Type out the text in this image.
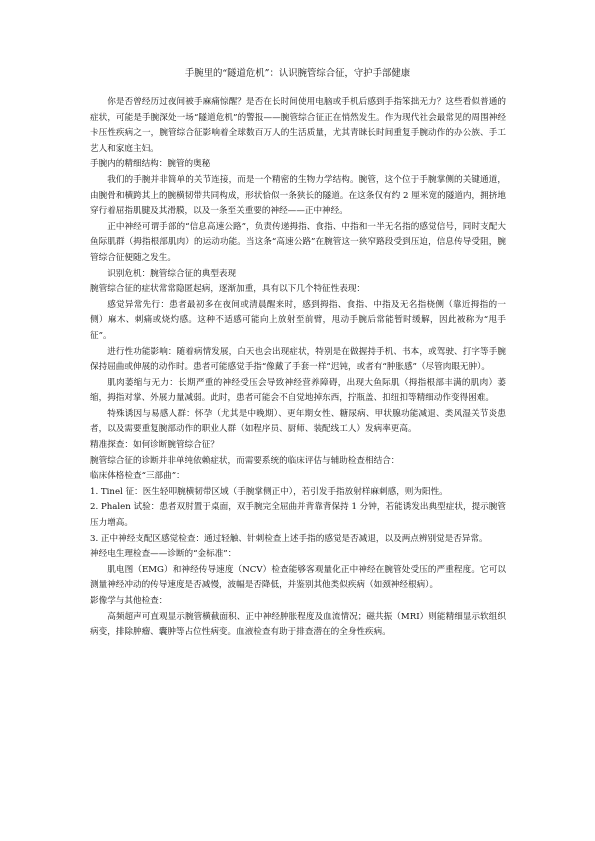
手腕里的“隧道危机”：认识腕管综合征，守护手部健康

你是否曾经历过夜间被手麻痛惊醒？是否在长时间使用电脑或手机后感到手指笨拙无力？这些看似普通的症状，可能是手腕深处一场“隧道危机”的警报——腕管综合征正在悄然发生。作为现代社会最常见的周围神经卡压性疾病之一，腕管综合征影响着全球数百万人的生活质量，尤其青睐长时间重复手腕动作的办公族、手工艺人和家庭主妇。

手腕内的精细结构：腕管的奥秘

我们的手腕并非简单的关节连接，而是一个精密的生物力学结构。腕管，这个位于手腕掌侧的关键通道，由腕骨和横跨其上的腕横韧带共同构成，形状恰似一条狭长的隧道。在这条仅有约 2 厘米宽的隧道内，拥挤地穿行着屈指肌腱及其滑膜，以及一条至关重要的神经——正中神经。

正中神经可谓手部的“信息高速公路”，负责传递拇指、食指、中指和一半无名指的感觉信号，同时支配大鱼际肌群（拇指根部肌肉）的运动功能。当这条“高速公路”在腕管这一狭窄路段受到压迫，信息传导受阻，腕管综合征便随之发生。

识别危机：腕管综合征的典型表现

腕管综合征的症状常常隐匿起病，逐渐加重，具有以下几个特征性表现：

感觉异常先行：患者最初多在夜间或清晨醒来时，感到拇指、食指、中指及无名指桡侧（靠近拇指的一侧）麻木、刺痛或烧灼感。这种不适感可能向上放射至前臂，甩动手腕后常能暂时缓解，因此被称为“甩手征”。

进行性功能影响：随着病情发展，白天也会出现症状，特别是在做握持手机、书本，或驾驶、打字等手腕保持屈曲或伸展的动作时。患者可能感觉手指“像戴了手套一样”迟钝，或者有“肿胀感”（尽管肉眼无肿）。

肌肉萎缩与无力：长期严重的神经受压会导致神经营养障碍，出现大鱼际肌（拇指根部丰满的肌肉）萎缩，拇指对掌、外展力量减弱。此时，患者可能会不自觉地掉东西，拧瓶盖、扣纽扣等精细动作变得困难。

特殊诱因与易感人群：怀孕（尤其是中晚期）、更年期女性、糖尿病、甲状腺功能减退、类风湿关节炎患者，以及需要重复腕部动作的职业人群（如程序员、厨师、装配线工人）发病率更高。

精准探查：如何诊断腕管综合征？

腕管综合征的诊断并非单纯依赖症状，而需要系统的临床评估与辅助检查相结合：

临床体格检查“三部曲”：

1. Tinel 征：医生轻叩腕横韧带区域（手腕掌侧正中），若引发手指放射样麻刺感，则为阳性。

2. Phalen 试验：患者双肘置于桌面，双手腕完全屈曲并背靠背保持 1 分钟，若能诱发出典型症状，提示腕管压力增高。

3. 正中神经支配区感觉检查：通过轻触、针刺检查上述手指的感觉是否减退，以及两点辨别觉是否异常。

神经电生理检查——诊断的“金标准”：

肌电图（EMG）和神经传导速度（NCV）检查能够客观量化正中神经在腕管处受压的严重程度。它可以测量神经冲动的传导速度是否减慢，波幅是否降低，并鉴别其他类似疾病（如颈神经根病）。

影像学与其他检查：

高频超声可直观显示腕管横截面积、正中神经肿胀程度及血流情况；磁共振（MRI）则能精细显示软组织病变，排除肿瘤、囊肿等占位性病变。血液检查有助于排查潜在的全身性疾病。
